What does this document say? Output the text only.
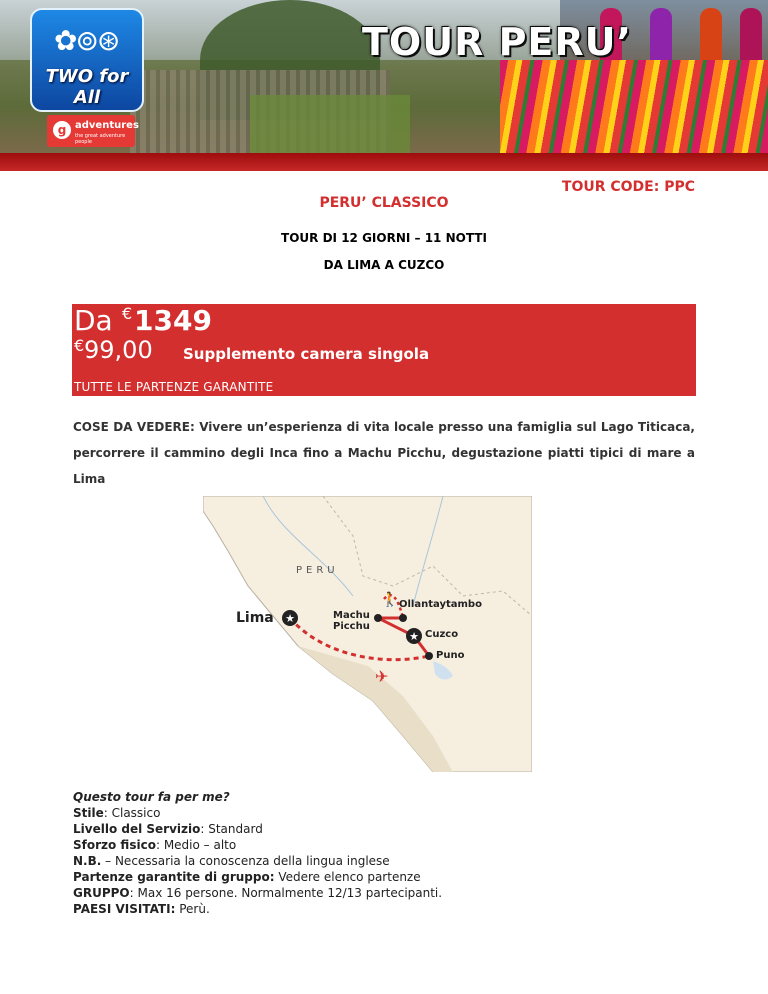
✿⊚⊛
TWO for All
g adventures
the great adventure people
TOUR PERU’
TOUR CODE: PPC
PERU’ CLASSICO
TOUR DI 12 GIORNI – 11 NOTTI
DA LIMA A CUZCO
Da € 1349
€ 99,00 Supplemento camera singola
TUTTE LE PARTENZE GARANTITE
COSE DA VEDERE: Vivere un’esperienza di vita locale presso una famiglia sul Lago Titicaca, percorrere il cammino degli Inca fino a Machu Picchu, degustazione piatti tipici di mare a Lima
PERU
★
★
🚶
✈
Lima	Machu
Picchu
Ollantaytambo
Cuzco
Puno
Questo tour fa per me?
Stile: Classico
Livello del Servizio: Standard
Sforzo fisico: Medio – alto
N.B. – Necessaria la conoscenza della lingua inglese
Partenze garantite di gruppo: Vedere elenco partenze
GRUPPO: Max 16 persone. Normalmente 12/13 partecipanti.
PAESI VISITATI: Perù.
